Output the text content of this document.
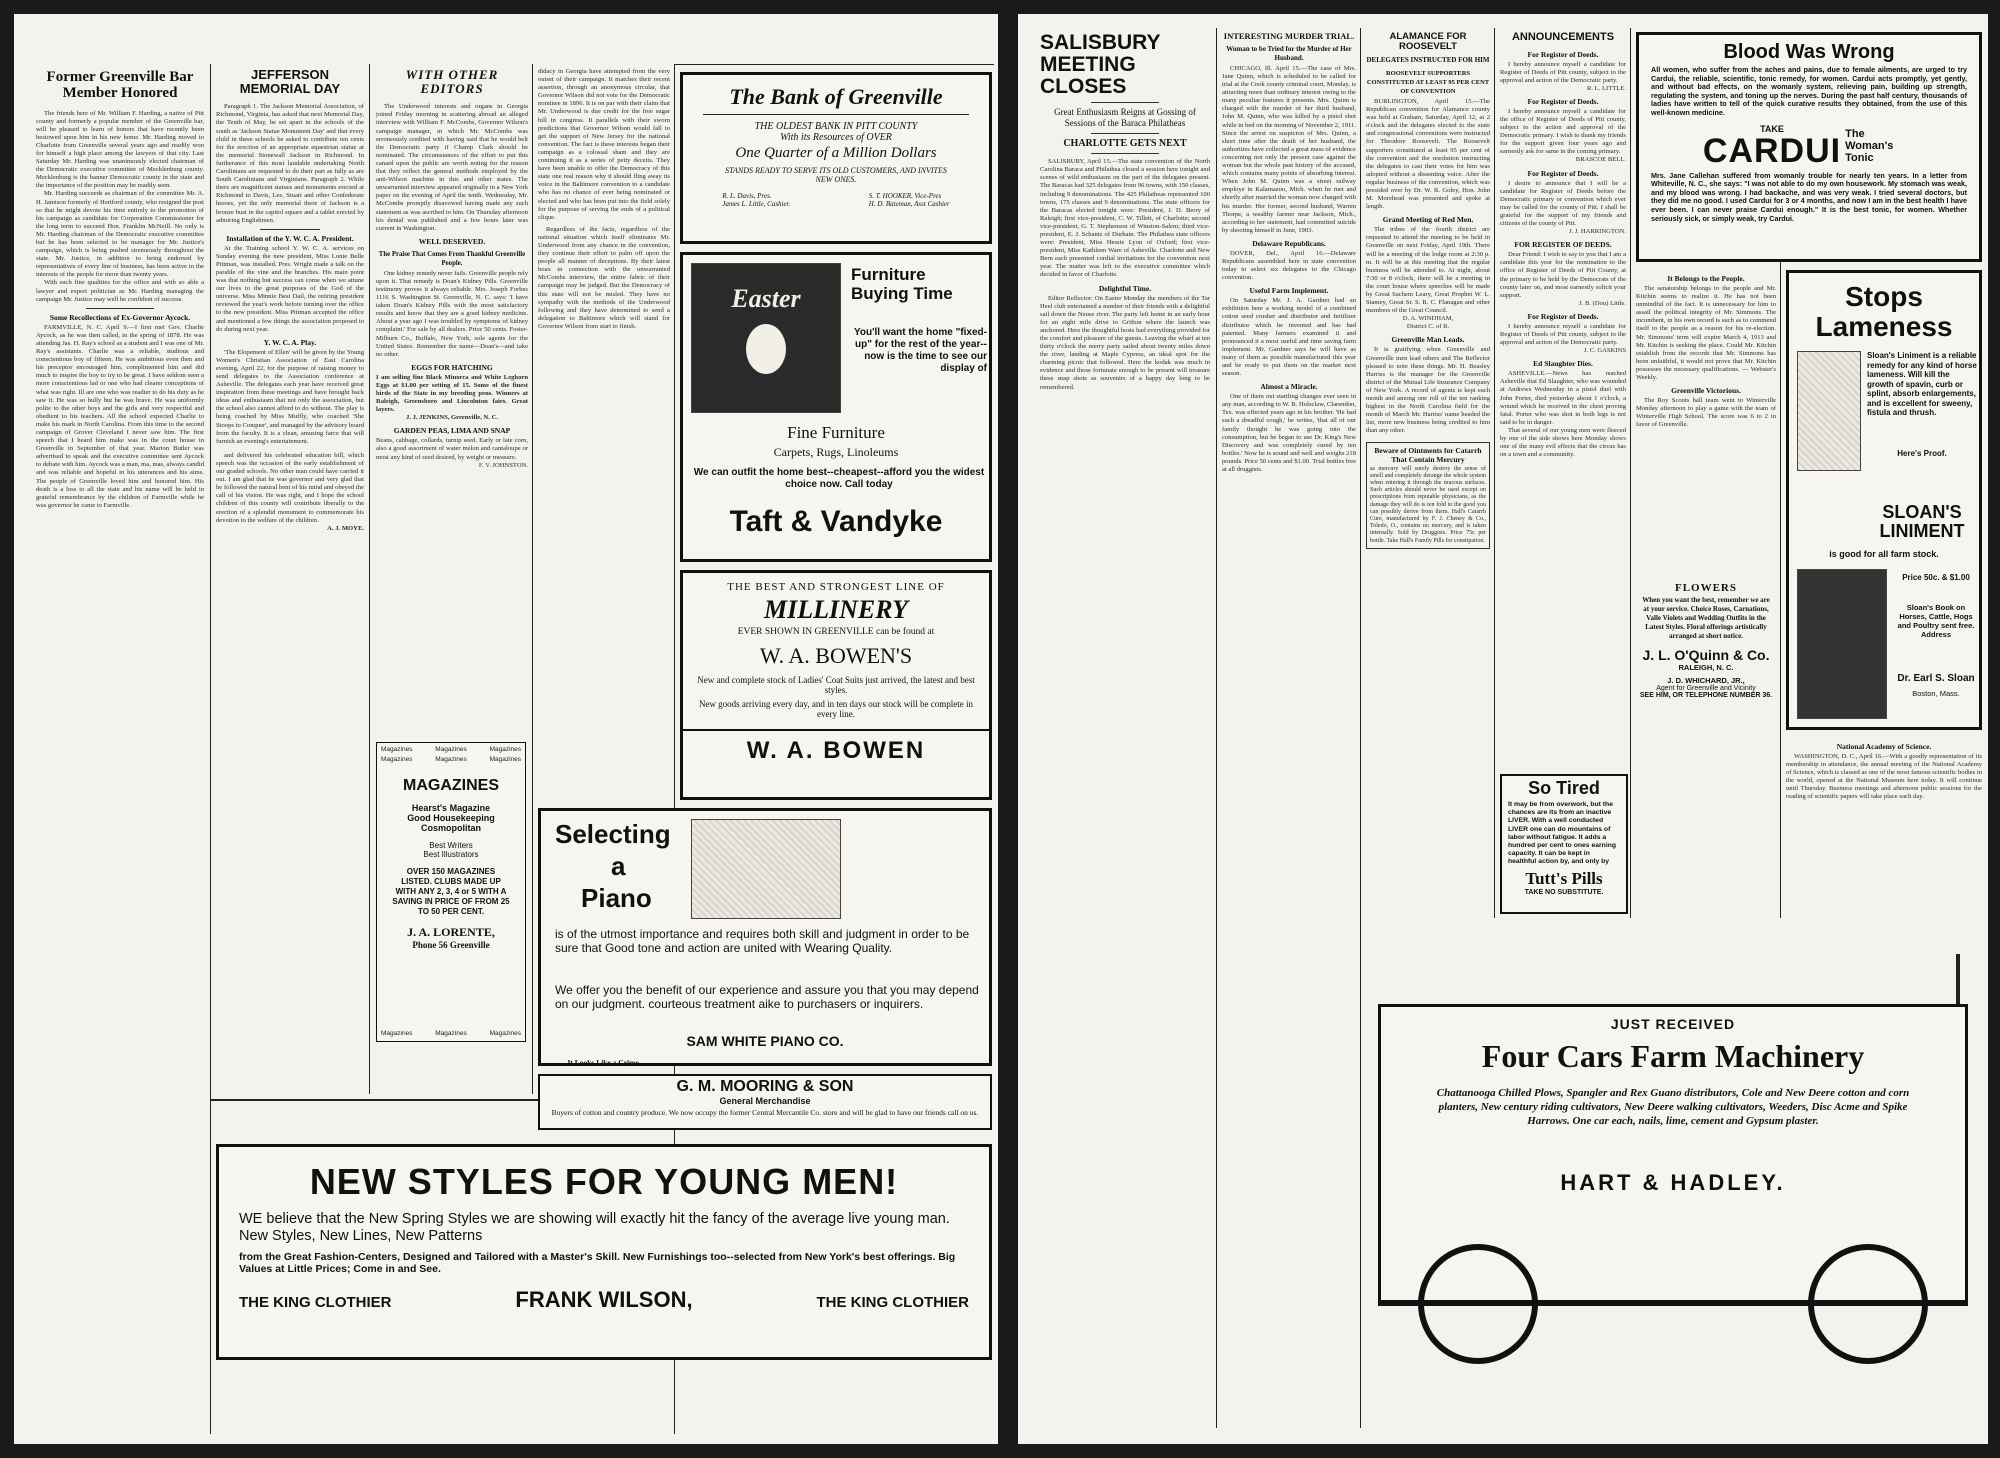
Former Greenville Bar Member Honored

The friends here of Mr. William F. Harding, a native of Pitt county and formerly a popular member of the Greenville bar, will be pleased to learn of honors that have recently been bestowed upon him in his new home. Mr. Harding moved to Charlotte from Greenville several years ago and readily won for himself a high place among the lawyers of that city. Last Saturday Mr. Harding was unanimously elected chairman of the Democratic executive committee of Mecklenburg county. Mecklenburg is the banner Democratic county in the state and the importance of the position may be readily seen.

Mr. Harding succeeds as chairman of the committee Mr. A. H. Jamison formerly of Hertford county, who resigned the post so that he might devote his time entirely to the promotion of his campaign as candidate for Corporation Commissioner for the long term to succeed Hon. Franklin McNeill. No only is Mr. Harding chairman of the Democratic executive committee but he has been selected to be manager for Mr. Justice's campaign, which is being pushed strenuously throughout the state. Mr. Justice, in addition to being endorsed by representatives of every line of business, has been active in the interests of the people for more than twenty years.

With such fine qualities for the office and with so able a lawyer and expert politician as Mr. Harding managing the campaign Mr. Justice may well be confident of success.

Some Recollections of Ex-Governor Aycock.

FARMVILLE, N. C. April 9.—I first met Gov. Charlie Aycock, as he was then called, in the spring of 1878. He was attending Jas. H. Ray's school as a student and I was one of Mr. Ray's assistants. Charlie was a reliable, studious and conscientious boy of fifteen. He was ambitious even then and his preceptor encouraged him, complimented him and did much to inspire the boy to try to be great. I have seldom seen a more conscientious lad or one who had clearer conceptions of what was right. Ill are one who was readier to do his duty as he saw it. He was so bully but he was brave. He was uniformly polite to the other boys and the girls and very respectful and obedient to his teachers. All the school expected Charlie to make his mark in North Carolina. From this time to the second campaign of Grover Cleveland I never saw him. The first speech that I heard him make was in the court house in Greenville in September of that year. Marion Butler was advertised to speak and the executive committee sent Aycock to debate with him. Aycock was a man, ma, mas, always candid and was reliable and hopeful in his utterances and his aims. The people of Greenville loved him and honored him. His death is a loss to all the state and his name will be held in grateful remembrance by the children of Farmville while he was governor he came to Farmville.

JEFFERSON MEMORIAL DAY

Paragraph 1. The Jackson Memorial Association, of Richmond, Virginia, has asked that next Memorial Day, the Tenth of May, be set apart in the schools of the south as 'Jackson Statue Monument Day' and that every child in these schools be asked to contribute ten cents for the erection of an appropriate equestrian statue at the memorial Stonewall Jackson in Richmond. In furtherance of this most laudable undertaking North Carolinians are requested to do their part as fully as are South Carolinians and Virginians. Paragraph 2. While there are magnificent statues and monuments erected at Richmond to Davis, Lee, Stuart and other Confederate heroes, yet the only memorial there of Jackson is a bronze bust in the capitol square and a tablet erected by admiring Englishmen.

Installation of the Y. W. C. A. President.

At the Training school Y. W. C. A. services on Sunday evening the new president, Miss Lonie Belle Pittman, was installed. Pres. Wright made a talk on the parable of the vine and the branches. His main point was that nothing but success can come when we attune our lives to the great purposes of the God of the universe. Miss Minnie Best Dail, the retiring president reviewed the year's work before turning over the office to the new president. Miss Pittman accepted the office and mentioned a few things the association proposed to do during next year.

Y. W. C. A. Play.

'The Elopement of Ellen' will be given by the Young Women's Christian Association of East Carolina evening, April 22, for the purpose of raising money to send delegates to the Association conference at Asheville. The delegates each year have received great inspiration from these meetings and have brought back ideas and enthusiasm that not only the association, but the school also cannot afford to do without. The play is being coached by Miss Muffly, who coached 'She Stoops to Conquer', and managed by the advisory board from the faculty. It is a clean, amusing farce that will furnish an evening's entertainment.

and delivered his celebrated education bill, which speech was the occasion of the early establishment of our graded schools. No other man could have carried it out. I am glad that he was governor and very glad that he followed the natural bent of his mind and obeyed the call of his vision. He was right, and I hope the school children of this county will contribute liberally to the erection of a splendid monument to commemorate his devotion to the welfare of the children.

A. J. MOYE.
WITH OTHER EDITORS

The Underwood interests and organs in Georgia joined Friday morning in scattering abroad an alleged interview with William F. McCombs, Governor Wilson's campaign manager, in which Mr. McCombs was erroneously credited with having said that he would belt the Democratic party if Champ Clark should be nominated. The circumstances of the effort to put this canard upon the public are worth noting for the reason that they reflect the general methods employed by the anti-Wilson machine in this and other states. The unwarranted interview appeared originally in a New York paper on the evening of April the tenth. Wednesday, Mr. McCombs promptly disavowed having made any such statement as was ascribed to him. On Thursday afternoon his denial was published and a few hours later was current in Washington.

WELL DESERVED.
The Praise That Comes From Thankful Greenville People.

One kidney remedy never fails. Greenville people rely upon it. That remedy is Doan's Kidney Pills. Greenville testimony proves it always reliable. Mrs. Joseph Forbes 1116 S. Washington St. Greenville, N. C. says: 'I have taken Doan's Kidney Pills with the most satisfactory results and know that they are a good kidney medicine. About a year ago I was troubled by symptoms of kidney complaint.' For sale by all dealers. Price 50 cents. Foster-Milburn Co., Buffalo, New York, sole agents for the United States. Remember the name—Doan's—and take no other.

EGGS FOR HATCHING

I am selling fine Black Minorca and White Leghorn Eggs at $1.00 per setting of 15. Some of the finest birds of the State in my breeding pens. Winners at Raleigh, Greensboro and Lincolnton fairs. Great layers.

J. J. JENKINS, Greenville, N. C.
GARDEN PEAS, LIMA AND SNAP

Beans, cabbage, collards, turnip seed. Early or late corn, also a good assortment of water melon and cantaloupe or most any kind of seed desired, by weight or measure.

F. V. JOHNSTON.

didacy in Georgia have attempted from the very outset of their campaign. It matches their recent assertion, through an anonymous circular, that Governor Wilson did not vote for the Democratic nominee in 1896. It is on par with their claim that Mr. Underwood is due credit for the free sugar bill in congress. It parallels with their sworn predictions that Governor Wilson would fall to get the support of New Jersey for the national convention. The fact is these interests began their campaign as a colossal sham and they are continuing it as a series of petty deceits. They have been unable to offer the Democracy of this state one real reason why it should fling away its voice in the Baltimore convention to a candidate who has no chance of ever being nominated or elected and who has been put into the field solely for the purpose of serving the ends of a political clique.

Regardless of the facts, regardless of the national situation which itself eliminates Mr. Underwood from any chance in the convention, they continue their effort to palm off upon the people all manner of deceptions. By their latest hoax in connection with the unwarranted McCombs interview, the entire fabric of their campaign may be judged. But the Democracy of this state will not be misled. They have no sympathy with the methods of the Underwood following and they have determined to send a delegation to Baltimore which will stand for Governor Wilson from start to finish.

The Bank of Greenville
THE OLDEST BANK IN PITT COUNTY
With its Resources of OVER
One Quarter of a Million Dollars
STANDS READY TO SERVE ITS OLD CUSTOMERS, AND INVITES NEW ONES.
R. L. Davis, Pres.
James L. Little, Cashier.
S. T. HOOKER, Vice-Pres
H. D. Bateman, Asst Cashier
Easter
Furniture Buying Time
You'll want the home "fixed-up" for the rest of the year--now is the time to see our display of
Fine Furniture
Carpets, Rugs, Linoleums
We can outfit the home best--cheapest--afford you the widest choice now. Call today
Taft & Vandyke
THE BEST AND STRONGEST LINE OF
MILLINERY
EVER SHOWN IN GREENVILLE can be found at
W. A. BOWEN'S
New and complete stock of Ladies' Coat Suits just arrived, the latest and best styles.
New goods arriving every day, and in ten days our stock will be complete in every line.
W. A. BOWEN
Magazines	Magazines	Magazines
Magazines	Magazines	Magazines
MAGAZINES
Hearst's Magazine
Good Housekeeping
Cosmopolitan
Best Writers
Best Illustrators
OVER 150 MAGAZINES LISTED. CLUBS MADE UP WITH ANY 2, 3, 4 or 5 WITH A SAVING IN PRICE OF FROM 25 TO 50 PER CENT.
J. A. LORENTE,
Phone 56 Greenville
Magazines	Magazines	Magazines
Selecting
a
Piano
is of the utmost importance and requires both skill and judgment in order to be sure that Good tone and action are united with Wearing Quality.
We offer you the benefit of our experience and assure you that you may depend on our judgment. courteous treatment aike to purchasers or inquirers.
SAM WHITE PIANO CO.
It Looks Like a Crime.
G. M. MOORING & SON
General Merchandise
Buyers of cotton and country produce. We now occupy the former Central Mercantile Co. store and will be glad to have our friends call on us.
NEW STYLES FOR YOUNG MEN!
WE believe that the New Spring Styles we are showing will exactly hit the fancy of the average live young man. New Styles, New Lines, New Patterns
from the Great Fashion-Centers, Designed and Tailored with a Master's Skill. New Furnishings too--selected from New York's best offerings. Big Values at Little Prices; Come in and See.
THE KING CLOTHIER	FRANK WILSON,	THE KING CLOTHIER
SALISBURY
MEETING
CLOSES
Great Enthusiasm Reigns at Gossing of Sessions of the Baraca Philatheas
CHARLOTTE GETS NEXT

SALISBURY, April 15.—The state convention of the North Carolina Baraca and Philathea closed a session here tonight and scenes of wild enthusiasm on the part of the delegates present. The Baracas had 325 delegates from 96 towns, with 150 classes, including 9 denominations. The 425 Philatheas represented 100 towns, 175 classes and 9 denominations. The state officers for the Baracas elected tonight were: President, J. D. Berry of Raleigh; first vice-president, C. W. Tillett, of Charlotte; second vice-president, G. T. Stephenson of Winston-Salem; third vice-president, E. J. Schantz of Durham. The Philathea state officers were: President, Miss Hessie Lyon of Oxford; first vice-president, Miss Kathleen Ware of Asheville. Charlotte and New Bern each presented cordial invitations for the convention next year. The matter was left to the executive committee which decided in favor of Charlotte.

Delightful Time.

Editor Reflector: On Easter Monday the members of the Tar Heel club entertained a number of their friends with a delightful sail down the Neuse river. The party left home in an early hour for an eight mile drive to Grifton where the launch was anchored. Here the thoughtful hosts had everything provided for the comfort and pleasure of the guests. Leaving the wharf at ten thirty o'clock the merry party sailed about twenty miles down the river, landing at Maple Cypress, an ideal spot for the charming picnic that followed. Here the kodak was much in evidence and those fortunate enough to be present will treasure these snap shots as souvenirs of a happy day long to be remembered.

INTERESTING MURDER TRIAL.
Woman to be Tried for the Murder of Her Husband.

CHICAGO, Ill. April 15.—The case of Mrs. Jane Quinn, which is scheduled to be called for trial at the Cook county criminal court, Monday, is attracting more than ordinary interest owing to the many peculiar features it presents. Mrs. Quinn is charged with the murder of her third husband, John M. Quinn, who was killed by a pistol shot while in bed on the morning of November 2, 1911. Since the arrest on suspicion of Mrs. Quinn, a short time after the death of her husband, the authorities have collected a great mass of evidence concerning not only the present case against the woman but the whole past history of the accused, which contains many points of absorbing interest. When John M. Quinn was a street railway employe in Kalamazoo, Mich. when he met and shortly after married the woman now charged with his murder. Her former, second husband, Warren Thorpe, a wealthy farmer near Jackson, Mich., according to her statement, had committed suicide by shooting himself in June, 1903.

Delaware Republicans.

DOVER, Del., April 16.—Delaware Republicans assembled here in state convention today to select six delegates to the Chicago convention.

Useful Farm Implement.

On Saturday Mr. J. A. Gardner had an exhibition here a working model of a combined cotton seed crusher and distributor and fertilizer distributor which he invented and has had patented. Many farmers examined it and pronounced it a most useful and time saving farm implement. Mr. Gardner says he will have as many of them as possible manufactured this year and be ready to put them on the market next season.

Almost a Miracle.

One of them out startling changes ever seen in any man, according to W. B. Holsclaw, Clarendon, Tex. was effected years ago in his brother. 'He had such a dreadful cough,' he writes, 'that all of our family thought he was going into the consumption, but he began to use Dr. King's New Discovery and was completely cured by ten bottles.' Now he is sound and well and weighs 218 pounds. Price 50 cents and $1.00. Trial bottles free at all druggists.

ALAMANCE FOR ROOSEVELT
DELEGATES INSTRUCTED FOR HIM
ROOSEVELT SUPPORTERS CONSTITUTED AT LEAST 95 PER CENT OF CONVENTION

BURLINGTON, April 15.—The Republican convention for Alamance county was held at Graham, Saturday, April 12, at 2 o'clock and the delegates elected to the state and congressional conventions were instructed for Theodore Roosevelt. The Roosevelt supporters constituted at least 95 per cent of the convention and the resolution instructing the delegates to cast their votes for him was adopted without a dissenting voice. After the regular business of the convention, which was presided over by Dr. W. R. Goley, Hon. John M. Morehead was presented and spoke at length.

Grand Meeting of Red Men.

The tribes of the fourth district are requested to attend the meeting to be held in Greenville on next Friday, April 19th. There will be a meeting of the lodge room at 2:30 p. m. It will be at this meeting that the regular business will be attended to. At night, about 7:30 or 8 o'clock, there will be a meeting in the court house where speeches will be made by Great Sachem Leary, Great Prophet W. L. Stamey, Great Sr. S. R. C. Flanagan and other members of the Great Council.

D. A. WINDHAM,
District C. of R.
Greenville Man Leads.

It is gratifying when Greenville and Greenville men lead others and The Reflector pleased to note these things. Mr. H. Beasley Harriss is the manager for the Greenville district of the Mutual Life Insurance Company of New York. A record of agents is kept each month and among one roll of the ten ranking highest in the North Carolina field for the month of March Mr. Harriss' name headed the list, more new business being credited to him than any other.

Beware of Ointments for Catarrh That Contain Mercury

as mercury will surely destroy the sense of smell and completely derange the whole system when entering it through the mucous surfaces. Such articles should never be used except on prescriptions from reputable physicians, as the damage they will do is ten fold to the good you can possibly derive from them. Hall's Catarrh Cure, manufactured by F. J. Cheney & Co., Toledo, O., contains no mercury, and is taken internally. Sold by Druggists. Price 75c per bottle. Take Hall's Family Pills for constipation.

ANNOUNCEMENTS
For Register of Deeds.

I hereby announce myself a candidate for Register of Deeds of Pitt county, subject to the approval and action of the Democratic party.

R. L. LITTLE.
For Register of Deeds.

I hereby announce myself a candidate for the office of Register of Deeds of Pitt county, subject to the action and approval of the Democratic primary. I wish to thank my friends for the support given four years ago and earnestly ask for same in the coming primary.

BRASCOE BELL.
For Register of Deeds.

I desire to announce that I will be a candidate for Register of Deeds before the Democratic primary or convention which ever may be called for the county of Pitt. I shall be grateful for the support of my friends and citizens of the county of Pitt.

J. J. HARRINGTON.
FOR REGISTER OF DEEDS.

Dear Friend: I wish to say to you that I am a candidate this year for the nomination to the office of Register of Deeds of Pitt County, at the primary to be held by the Democrats of the county later on, and most earnestly solicit your support.

J. B. (Dou) Little.
For Register of Deeds.

I hereby announce myself a candidate for Register of Deeds of Pitt county, subject to the approval and action of the Democratic party.

J. C. GASKINS
Ed Slaughter Dies.

ASHEVILLE.—News has reached Asheville that Ed Slaughter, who was wounded at Andrews Wednesday in a pistol duel with John Porter, died yesterday about 1 o'clock, a wound which he received in the chest proving fatal. Porter who was shot in both legs is not said to be in danger.

That several of our young men were fleeced by one of the side shows here Monday shows one of the many evil effects that the circus has on a town and a community.

So Tired
It may be from overwork, but the chances are its from an inactive LIVER. With a well conducted LIVER one can do mountains of labor without fatigue. It adds a hundred per cent to ones earning capacity. It can be kept in healthful action by, and only by
Tutt's Pills
TAKE NO SUBSTITUTE.
Blood Was Wrong
All women, who suffer from the aches and pains, due to female ailments, are urged to try Cardui, the reliable, scientific, tonic remedy, for women. Cardui acts promptly, yet gently, and without bad effects, on the womanly system, relieving pain, building up strength, regulating the system, and toning up the nerves. During the past half century, thousands of ladies have written to tell of the quick curative results they obtained, from the use of this well-known medicine.
TAKE
CARDUI The Woman's Tonic
Mrs. Jane Callehan suffered from womanly trouble for nearly ten years. In a letter from Whiteville, N. C., she says: "I was not able to do my own housework. My stomach was weak, and my blood was wrong. I had backache, and was very weak. I tried several doctors, but they did me no good. I used Cardui for 3 or 4 months, and now I am in the best health I have ever been. I can never praise Cardui enough." It is the best tonic, for women. Whether seriously sick, or simply weak, try Cardui.
It Belongs to the People.

The senatorship belongs to the people and Mr. Kitchin seems to realize it. He has not been unmindful of the fact. It is unnecessary for him to assail the political integrity of Mr. Simmons. The incumbent, in his own record is such as to commend itself to the people as a reason for his re-election. Mr. Simmons' term will expire March 4, 1913 and Mr. Kitchin is seeking the place. Could Mr. Kitchin establish from the records that Mr. Simmons has been unfaithful, it would not prove that Mr. Kitchin possesses the necessary qualifications. — Webster's Weekly.

Greenville Victorious.

The Roy Scouts ball team went to Winterville Monday afternoon to play a game with the team of Winterville High School. The score was 6 to 2 in favor of Greenville.

Stops
Lameness
Sloan's Liniment is a reliable remedy for any kind of horse lameness. Will kill the growth of spavin, curb or splint, absorb enlargements, and is excellent for sweeny, fistula and thrush.
Here's Proof.
SLOAN'S LINIMENT
is good for all farm stock.
Price 50c. & $1.00
Sloan's Book on Horses, Cattle, Hogs and Poultry sent free. Address
Dr. Earl S. Sloan
Boston, Mass.
FLOWERS
When you want the best, remember we are at your service. Choice Roses, Carnations, Valle Violets and Wedding Outfits in the Latest Styles. Floral offerings artistically arranged at short notice.
J. L. O'Quinn & Co.
RALEIGH, N. C.
J. D. WHICHARD, JR.,
Agent for Greenville and Vicinity
SEE HIM, OR TELEPHONE NUMBER 36.
National Academy of Science.

WASHINGTON, D. C., April 16.—With a goodly representation of its membership in attendance, the annual meeting of the National Academy of Science, which is classed as one of the most famous scientific bodies in the world, opened at the National Museum here today. It will continue until Thursday. Business meetings and afternoon public sessions for the reading of scientific papers will take place each day.

JUST RECEIVED
Four Cars Farm Machinery
Chattanooga Chilled Plows, Spangler and Rex Guano distributors, Cole and New Deere cotton and corn planters, New century riding cultivators, New Deere walking cultivators, Weeders, Disc Acme and Spike Harrows. One car each, nails, lime, cement and Gypsum plaster.
HART & HADLEY.
